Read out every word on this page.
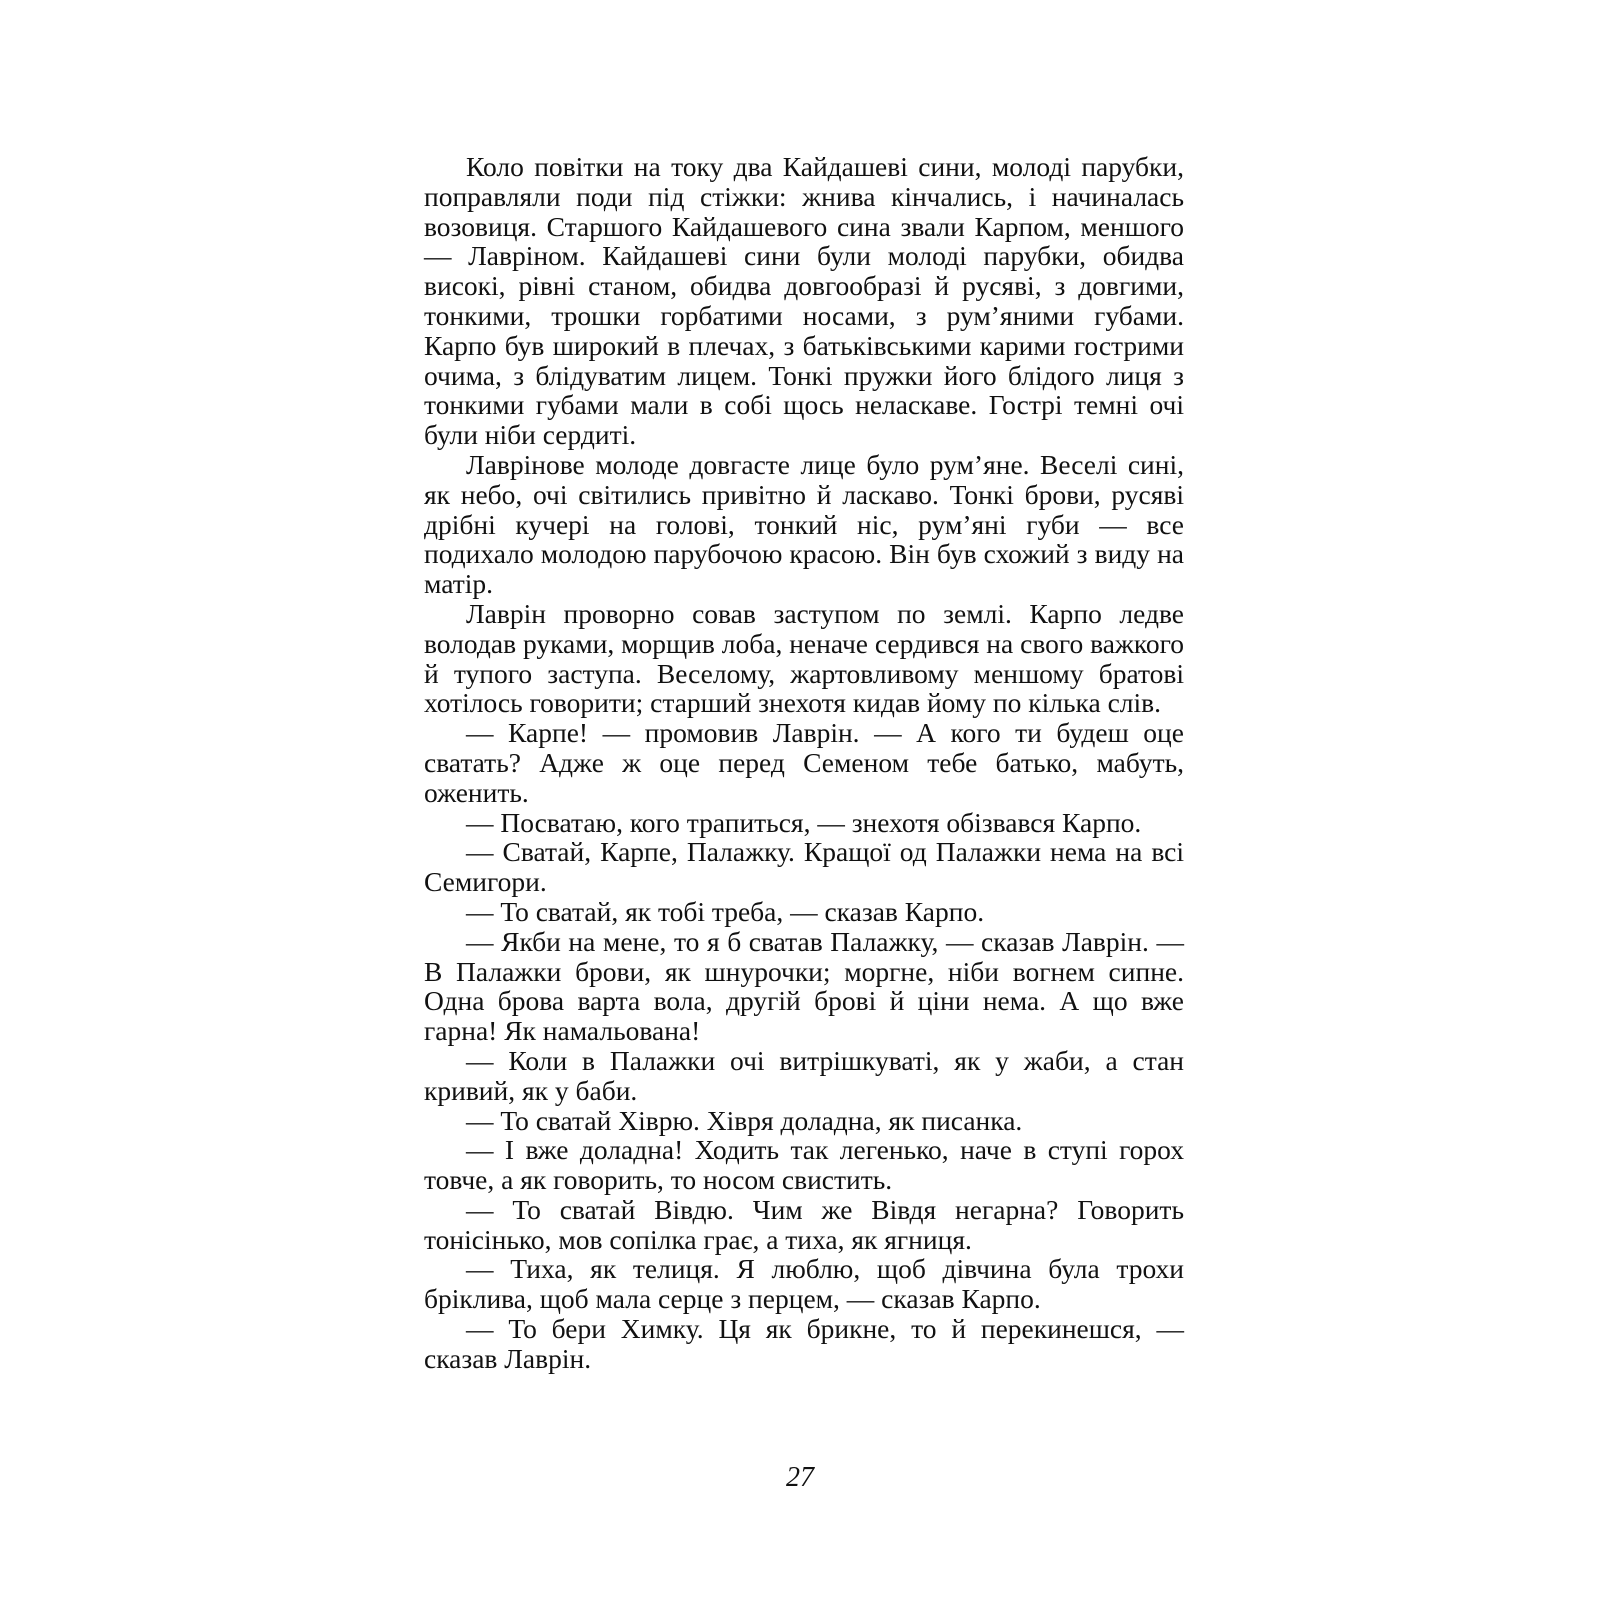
Коло повітки на току два Кайдашеві сини, молоді парубки, поправляли поди під стіжки: жнива кінчались, і начиналась возовиця. Старшого Кайдашевого сина звали Карпом, меншого — Лавріном. Кайдашеві сини були молоді парубки, обидва високі, рівні станом, обидва довгообразі й русяві, з довгими, тонкими, трошки горбатими носами, з рум’яними губами. Карпо був широкий в плечах, з батьківськими карими гострими очима, з блідуватим лицем. Тонкі пружки його блідого лиця з тонкими губами мали в собі щось неласкаве. Гострі темні очі були ніби сердиті.

Лаврінове молоде довгасте лице було рум’яне. Веселі сині, як небо, очі світились привітно й ласкаво. Тонкі брови, русяві дрібні кучері на голові, тонкий ніс, рум’яні губи — все подихало молодою парубочою красою. Він був схожий з виду на матір.

Лаврін проворно совав заступом по землі. Карпо ледве володав руками, морщив лоба, неначе сердився на свого важкого й тупого заступа. Веселому, жартовливому меншому братові хотілось говорити; старший знехотя кидав йому по кілька слів.

— Карпе! — промовив Лаврін. — А кого ти будеш оце сватать? Адже ж оце перед Семеном тебе батько, мабуть, оженить.

— Посватаю, кого трапиться, — знехотя обізвався Карпо.

— Сватай, Карпе, Палажку. Кращої од Палажки нема на всі Семигори.

— То сватай, як тобі треба, — сказав Карпо.

— Якби на мене, то я б сватав Палажку, — сказав Лаврін. — В Палажки брови, як шнурочки; моргне, ніби вогнем сипне. Одна брова варта вола, другій брові й ціни нема. А що вже гарна! Як намальована!

— Коли в Палажки очі витрішкуваті, як у жаби, а стан кривий, як у баби.

— То сватай Хіврю. Хівря доладна, як писанка.

— І вже доладна! Ходить так легенько, наче в ступі горох товче, а як говорить, то носом свистить.

— То сватай Вівдю. Чим же Вівдя негарна? Говорить тонісінько, мов сопілка грає, а тиха, як ягниця.

— Тиха, як телиця. Я люблю, щоб дівчина була трохи брiклива, щоб мала серце з перцем, — сказав Карпо.

— То бери Химку. Ця як брикне, то й перекинешся, — сказав Лаврін.

27
